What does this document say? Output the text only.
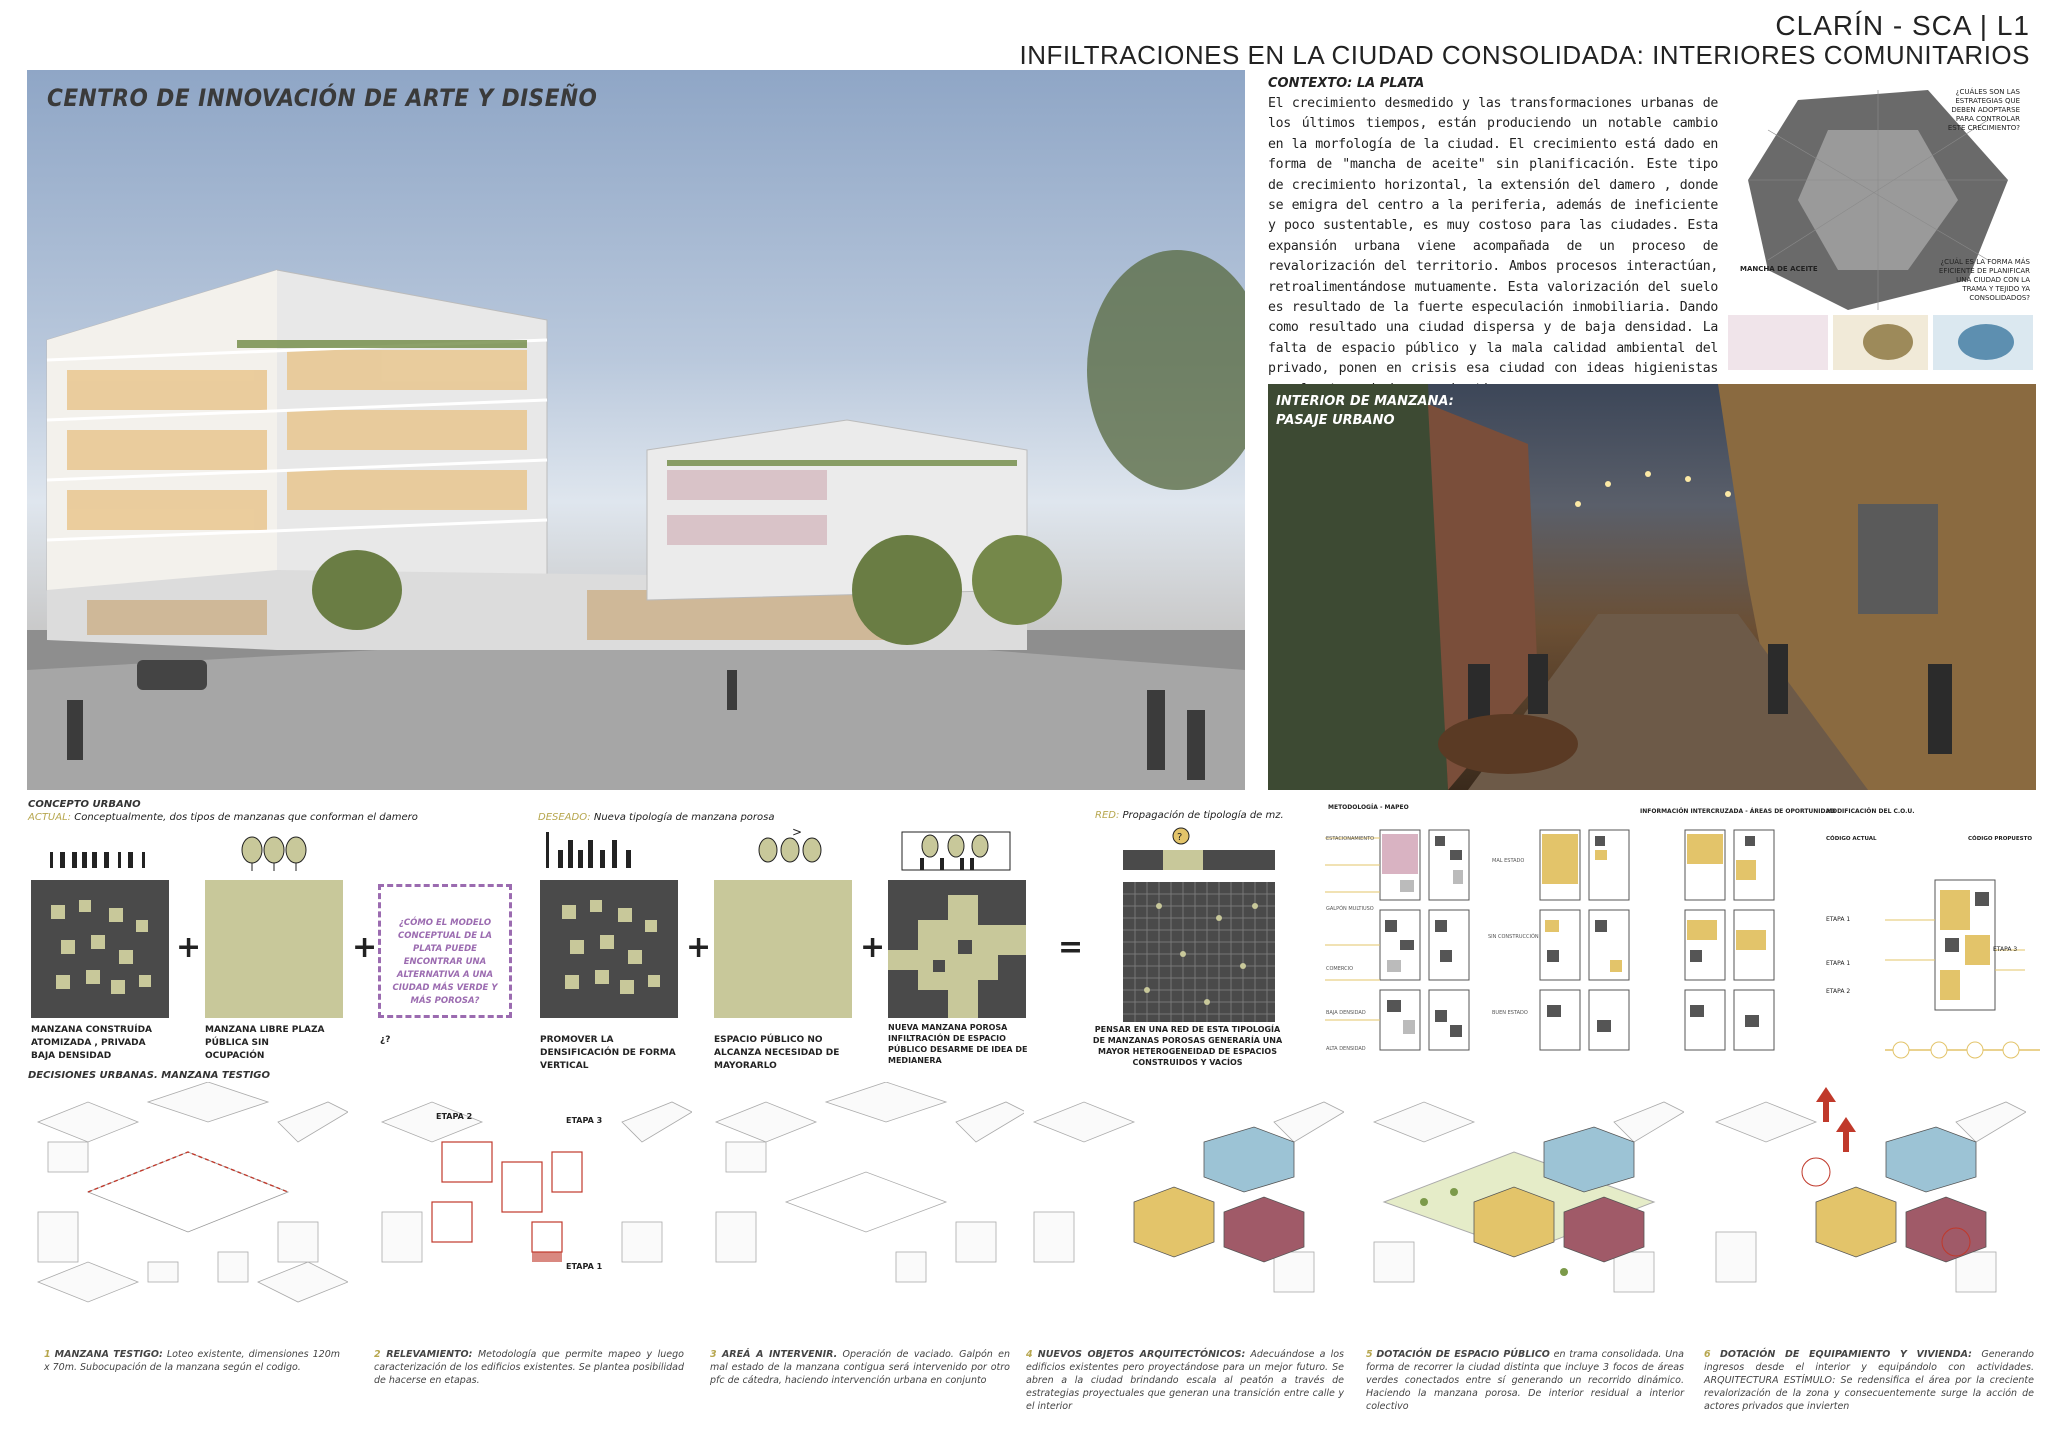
CLARÍN - SCA | L1
INFILTRACIONES EN LA CIUDAD CONSOLIDADA: INTERIORES COMUNITARIOS
CENTRO DE INNOVACIÓN DE ARTE Y DISEÑO
CONTEXTO: LA PLATA
El crecimiento desmedido y las transformaciones urbanas de los últimos tiempos, están produciendo un notable cambio en la morfología de la ciudad. El crecimiento está dado en forma de "mancha de aceite" sin planificación. Este tipo de crecimiento horizontal, la extensión del damero , donde se emigra del centro a la periferia, además de ineficiente y poco sustentable, es muy costoso para las ciudades. Esta expansión urbana viene acompañada de un proceso de revalorización del territorio. Ambos procesos interactúan, retroalimentándose mutuamente. Esta valorización del suelo es resultado de la fuerte especulación inmobiliaria. Dando como resultado una ciudad dispersa y de baja densidad. La falta de espacio público y la mala calidad ambiental del privado, ponen en crisis esa ciudad con ideas higienistas
¿CUÁLES SON LAS ESTRATEGIAS QUE DEBEN ADOPTARSE PARA CONTROLAR ESTE CRECIMIENTO?
MANCHA DE ACEITE
¿CUÁL ES LA FORMA MÁS EFICIENTE DE PLANIFICAR UNA CIUDAD CON LA TRAMA Y TEJIDO YA CONSOLIDADOS?
INTERIOR DE MANZANA:
PASAJE URBANO
CONCEPTO URBANO
ACTUAL: Conceptualmente, dos tipos de manzanas que conforman el damero	DESEADO: Nueva tipología de manzana porosa	RED: Propagación de tipología de mz.
>
+	+
¿CÓMO EL MODELO CONCEPTUAL DE LA PLATA PUEDE ENCONTRAR UNA ALTERNATIVA A UNA CIUDAD MÁS VERDE Y MÁS POROSA?
+	+	=
?
MANZANA CONSTRUÍDA ATOMIZADA , PRIVADA BAJA DENSIDAD
MANZANA LIBRE PLAZA PÚBLICA SIN OCUPACIÓN
¿?	PROMOVER LA DENSIFICACIÓN DE FORMA VERTICAL
ESPACIO PÚBLICO NO ALCANZA NECESIDAD DE MAYORARLO
NUEVA MANZANA POROSA INFILTRACIÓN DE ESPACIO PÚBLICO DESARME DE IDEA DE MEDIANERA
PENSAR EN UNA RED DE ESTA TIPOLOGÍA DE MANZANAS POROSAS GENERARÍA UNA MAYOR HETEROGENEIDAD DE ESPACIOS CONSTRUIDOS Y VACÍOS
METODOLOGÍA - MAPEO
INFORMACIÓN INTERCRUZADA - ÁREAS DE OPORTUNIDAD
MODIFICACIÓN DEL C.O.U.
ESTACIONAMIENTO
GALPÓN MULTIUSO
COMERCIO
BAJA DENSIDAD
ALTA DENSIDAD
MAL ESTADO
SIN CONSTRUCCIÓN
BUEN ESTADO
CÓDIGO ACTUAL	CÓDIGO PROPUESTO
ETAPA 1
ETAPA 1
ETAPA 2
ETAPA 3
DECISIONES URBANAS. MANZANA TESTIGO
ETAPA 2	ETAPA 3
ETAPA 1
1 MANZANA TESTIGO: Loteo existente, dimensiones 120m x 70m. Subocupación de la manzana según el codigo.
2 RELEVAMIENTO: Metodología que permite mapeo y luego caracterización de los edificios existentes. Se plantea posibilidad de hacerse en etapas.
3 AREÁ A INTERVENIR. Operación de vaciado. Galpón en mal estado de la manzana contigua será intervenido por otro pfc de cátedra, haciendo intervención urbana en conjunto
4 NUEVOS OBJETOS ARQUITECTÓNICOS: Adecuándose a los edificios existentes pero proyectándose para un mejor futuro. Se abren a la ciudad brindando escala al peatón a través de estrategias proyectuales que generan una transición entre calle y el interior
5 DOTACIÓN DE ESPACIO PÚBLICO en trama consolidada. Una forma de recorrer la ciudad distinta que incluye 3 focos de áreas verdes conectados entre sí generando un recorrido dinámico. Haciendo la manzana porosa. De interior residual a interior colectivo
6 DOTACIÓN DE EQUIPAMIENTO Y VIVIENDA: Generando ingresos desde el interior y equipándolo con actividades. ARQUITECTURA ESTÍMULO: Se redensifica el área por la creciente revalorización de la zona y consecuentemente surge la acción de actores privados que invierten
